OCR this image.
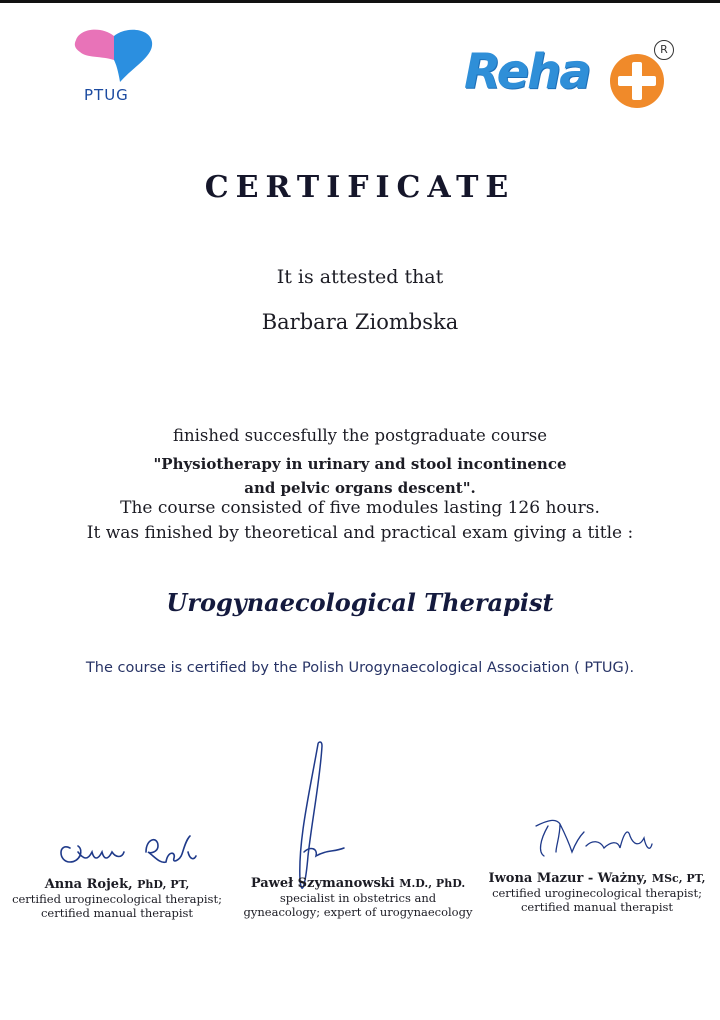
PTUG	Reha	R
CERTIFICATE
It is attested that
Barbara Ziombska
finished succesfully the postgraduate course
"Physiotherapy in urinary and stool incontinence
and pelvic organs descent".
The course consisted of five modules lasting 126 hours.
It was finished by theoretical and practical exam giving a title :
Urogynaecological Therapist
The course is certified by the Polish Urogynaecological Association ( PTUG).
Anna Rojek, PhD, PT,
certified uroginecological therapist;
certified manual therapist
Paweł Szymanowski M.D., PhD.
specialist in obstetrics and
gyneacology; expert of urogynaecology
Iwona Mazur - Ważny, MSc, PT,
certified uroginecological therapist;
certified manual therapist
